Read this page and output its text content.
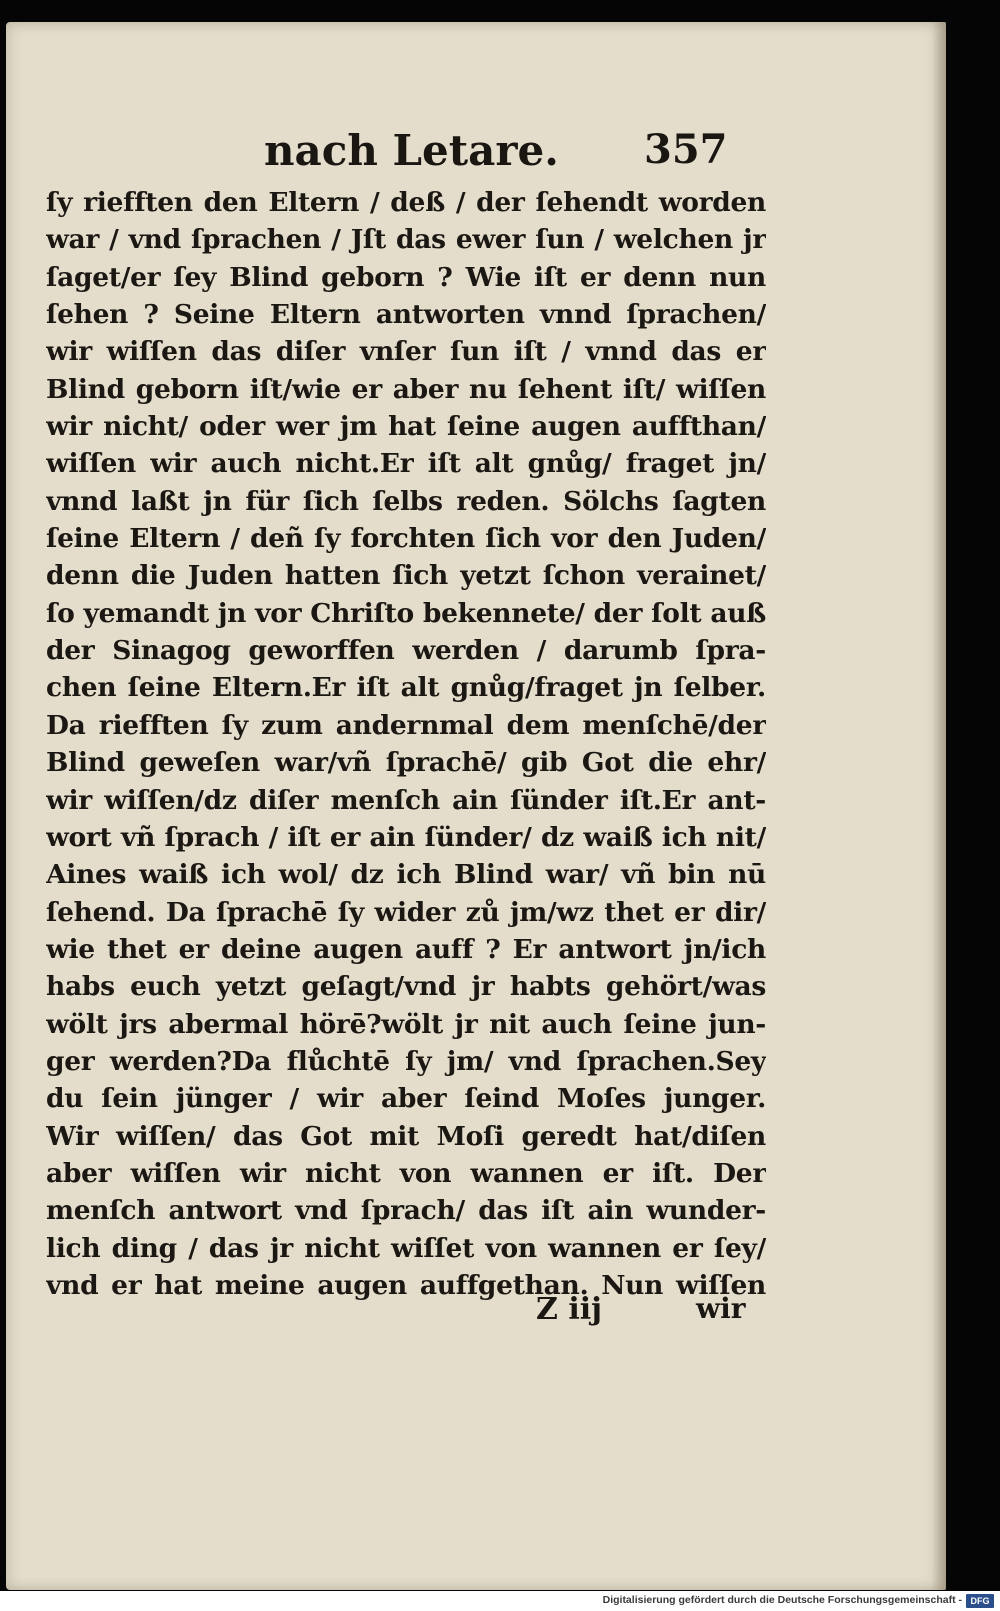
nach Letare. 357
ſy riefften den Eltern / deß / der ſehendt worden
war / vnd ſprachen / Jſt das ewer ſun / welchen jr
ſaget/er ſey Blind geborn ? Wie iſt er denn nun
ſehen ? Seine Eltern antworten vnnd ſprachen/
wir wiſſen das diſer vnſer ſun iſt / vnnd das er
Blind geborn iſt/wie er aber nu ſehent iſt/ wiſſen
wir nicht/ oder wer jm hat ſeine augen auffthan/
wiſſen wir auch nicht.Er iſt alt gnůg/ fraget jn/
vnnd laßt jn für ſich ſelbs reden. Sölchs ſagten
ſeine Eltern / deñ ſy forchten ſich vor den Juden/
denn die Juden hatten ſich yetzt ſchon verainet/
ſo yemandt jn vor Chriſto bekennete/ der ſolt auß
der Sinagog geworffen werden / darumb ſpra-
chen ſeine Eltern.Er iſt alt gnůg/fraget jn ſelber.
Da riefften ſy zum andernmal dem menſchē/der
Blind geweſen war/vñ ſprachē/ gib Got die ehr/
wir wiſſen/dz diſer menſch ain ſünder iſt.Er ant-
wort vñ ſprach / iſt er ain ſünder/ dz waiß ich nit/
Aines waiß ich wol/ dz ich Blind war/ vñ bin nū
ſehend. Da ſprachē ſy wider zů jm/wz thet er dir/
wie thet er deine augen auff ? Er antwort jn/ich
habs euch yetzt geſagt/vnd jr habts gehört/was
wölt jrs abermal hörē?wölt jr nit auch ſeine jun-
ger werden?Da flůchtē ſy jm/ vnd ſprachen.Sey
du ſein jünger / wir aber ſeind Moſes junger.
Wir wiſſen/ das Got mit Moſi geredt hat/diſen
aber wiſſen wir nicht von wannen er iſt. Der
menſch antwort vnd ſprach/ das iſt ain wunder-
lich ding / das jr nicht wiſſet von wannen er ſey/
vnd er hat meine augen auffgethan. Nun wiſſen
Z iij	wir
Digitalisierung gefördert durch die Deutsche Forschungsgemeinschaft - DFG
